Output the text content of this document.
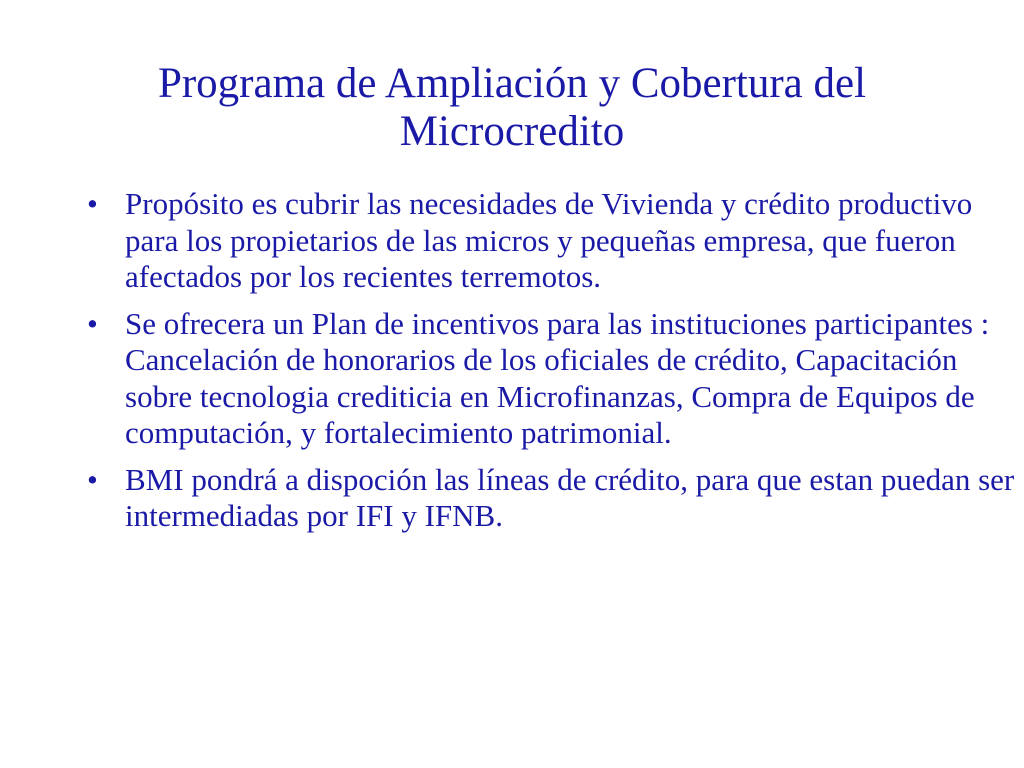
Programa de Ampliación y Cobertura del
Microcredito
• Propósito es cubrir las necesidades de Vivienda y crédito productivo para los propietarios de las micros y pequeñas empresa, que fueron afectados por los recientes terremotos.
• Se ofrecera un Plan de incentivos para las instituciones participantes : Cancelación de honorarios de los oficiales de crédito, Capacitación sobre tecnologia crediticia en Microfinanzas, Compra de Equipos de computación, y fortalecimiento patrimonial.
• BMI pondrá a dispoción las líneas de crédito, para que estan puedan ser intermediadas por IFI y IFNB.
